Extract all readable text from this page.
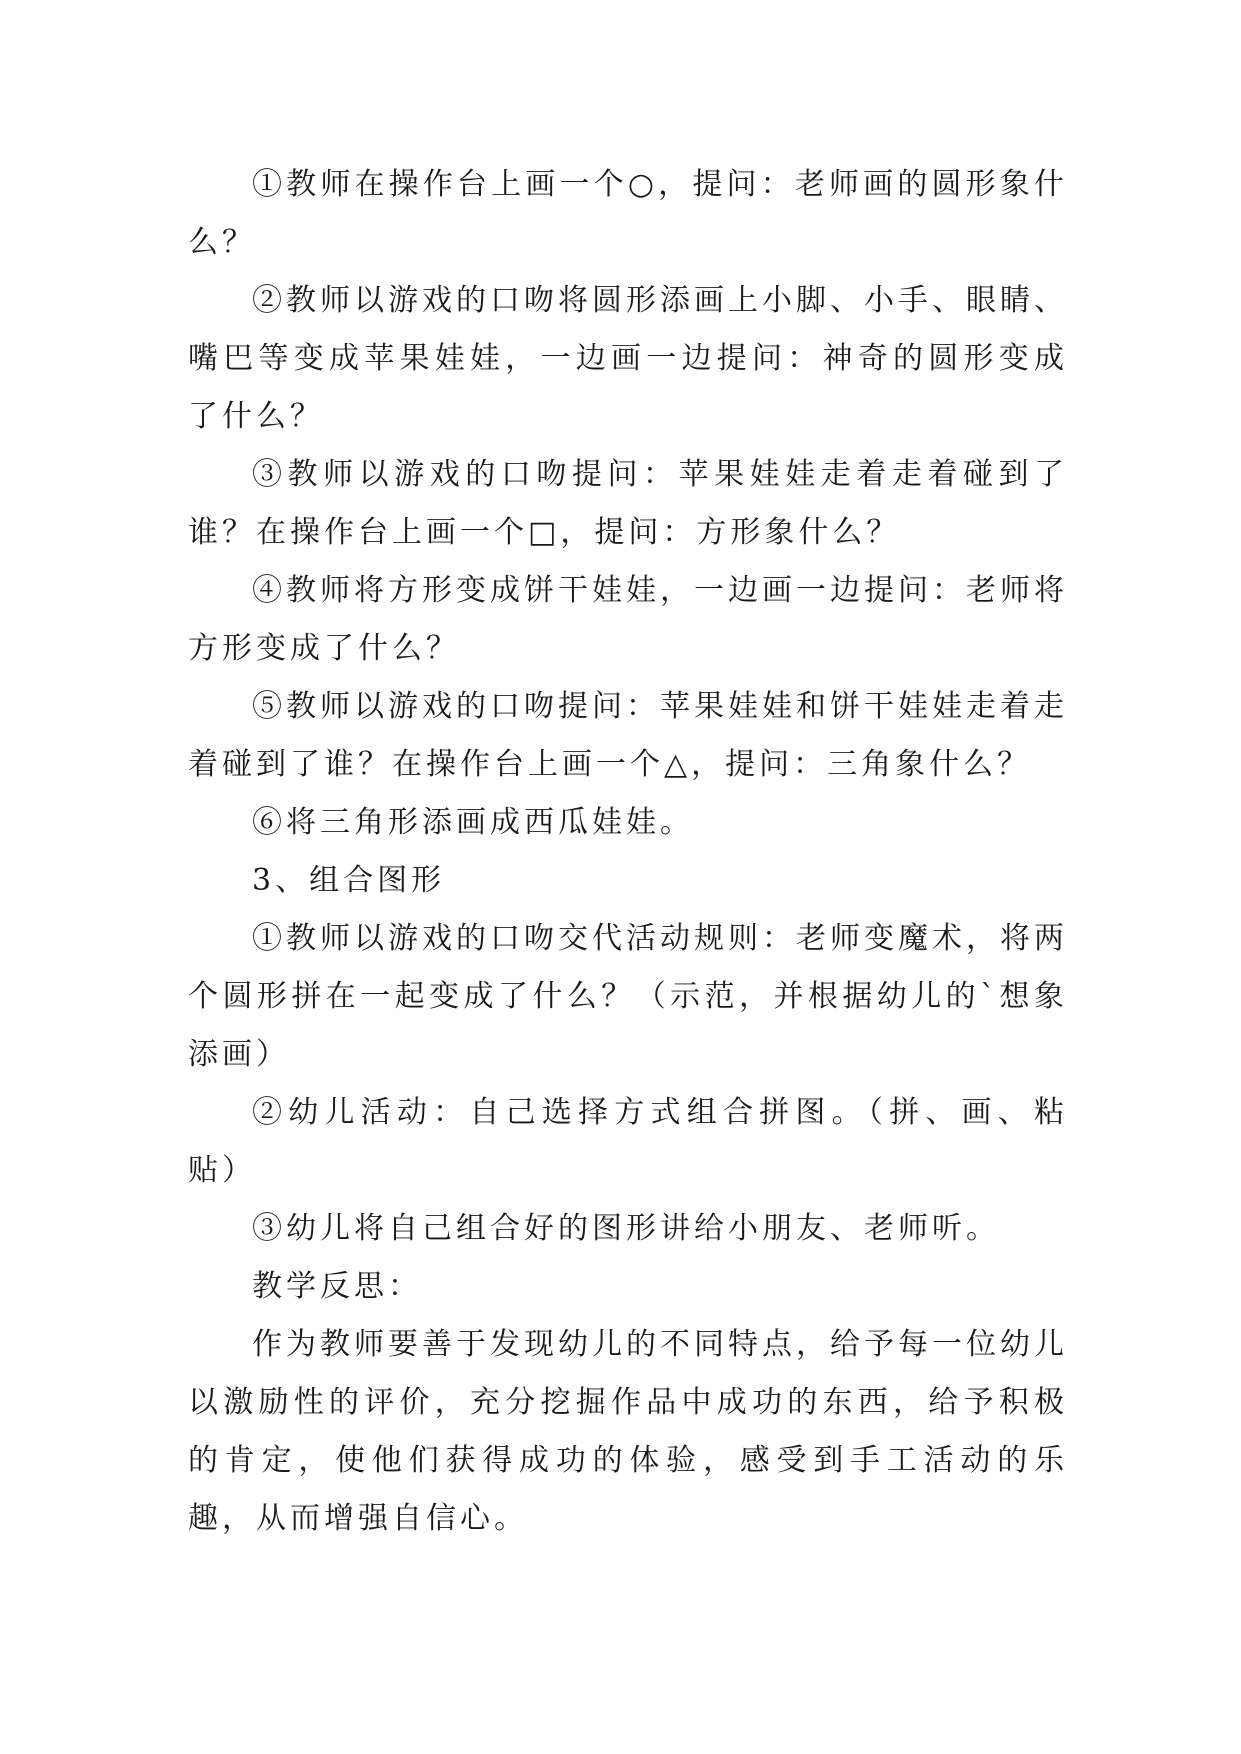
①教师在操作台上画一个○，提问：老师画的圆形象什么？

②教师以游戏的口吻将圆形添画上小脚、小手、眼睛、嘴巴等变成苹果娃娃，一边画一边提问：神奇的圆形变成了什么？

③教师以游戏的口吻提问：苹果娃娃走着走着碰到了谁？在操作台上画一个□，提问：方形象什么？

④教师将方形变成饼干娃娃，一边画一边提问：老师将方形变成了什么？

⑤教师以游戏的口吻提问：苹果娃娃和饼干娃娃走着走着碰到了谁？在操作台上画一个△，提问：三角象什么？

⑥将三角形添画成西瓜娃娃。

3、组合图形

①教师以游戏的口吻交代活动规则：老师变魔术，将两个圆形拼在一起变成了什么？（示范，并根据幼儿的`想象添画）

②幼儿活动：自己选择方式组合拼图。（拼、画、粘贴）

③幼儿将自己组合好的图形讲给小朋友、老师听。

教学反思：

作为教师要善于发现幼儿的不同特点，给予每一位幼儿以激励性的评价，充分挖掘作品中成功的东西，给予积极的肯定，使他们获得成功的体验，感受到手工活动的乐趣，从而增强自信心。
